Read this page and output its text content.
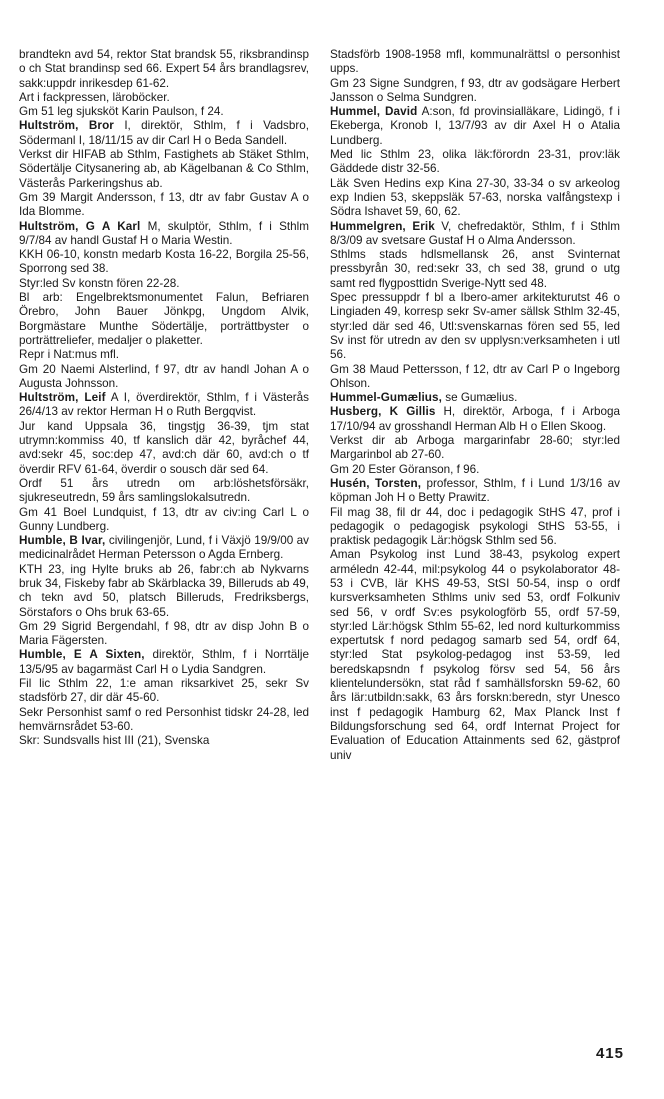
brandtekn avd 54, rektor Stat brandsk 55, riksbrandinsp o ch Stat brandinsp sed 66. Expert 54 års brandlagsrev, sakk:uppdr inrikesdep 61-62.

Art i fackpressen, läroböcker.

Gm 51 leg sjuksköt Karin Paulson, f 24.

Hultström, Bror I, direktör, Sthlm, f i Vadsbro, Södermanl I, 18/11/15 av dir Carl H o Beda Sandell.

Verkst dir HIFAB ab Sthlm, Fastighets ab Stäket Sthlm, Södertälje Citysanering ab, ab Kägelbanan & Co Sthlm, Västerås Parkeringshus ab.

Gm 39 Margit Andersson, f 13, dtr av fabr Gustav A o Ida Blomme.

Hultström, G A Karl M, skulptör, Sthlm, f i Sthlm 9/7/84 av handl Gustaf H o Maria Westin.

KKH 06-10, konstn medarb Kosta 16-22, Borgila 25-56, Sporrong sed 38.

Styr:led Sv konstn fören 22-28.

Bl arb: Engelbrektsmonumentet Falun, Befriaren Örebro, John Bauer Jönkpg, Ungdom Alvik, Borgmästare Munthe Södertälje, porträttbyster o porträttreliefer, medaljer o plaketter.

Repr i Nat:mus mfl.

Gm 20 Naemi Alsterlind, f 97, dtr av handl Johan A o Augusta Johnsson.

Hultström, Leif A I, överdirektör, Sthlm, f i Västerås 26/4/13 av rektor Herman H o Ruth Bergqvist.

Jur kand Uppsala 36, tingstjg 36-39, tjm stat utrymn:kommiss 40, tf kanslich där 42, byråchef 44, avd:sekr 45, soc:dep 47, avd:ch där 60, avd:ch o tf överdir RFV 61-64, överdir o sousch där sed 64.

Ordf 51 års utredn om arb:löshetsförsäkr, sjukreseutredn, 59 års samlingslokalsutredn.

Gm 41 Boel Lundquist, f 13, dtr av civ:ing Carl L o Gunny Lundberg.

Humble, B Ivar, civilingenjör, Lund, f i Växjö 19/9/00 av medicinalrådet Herman Petersson o Agda Ernberg.

KTH 23, ing Hylte bruks ab 26, fabr:ch ab Nykvarns bruk 34, Fiskeby fabr ab Skärblacka 39, Billeruds ab 49, ch tekn avd 50, platsch Billeruds, Fredriksbergs, Sörstafors o Ohs bruk 63-65.

Gm 29 Sigrid Bergendahl, f 98, dtr av disp John B o Maria Fägersten.

Humble, E A Sixten, direktör, Sthlm, f i Norrtälje 13/5/95 av bagarmäst Carl H o Lydia Sandgren.

Fil lic Sthlm 22, 1:e aman riksarkivet 25, sekr Sv stadsförb 27, dir där 45-60.

Sekr Personhist samf o red Personhist tidskr 24-28, led hemvärnsrådet 53-60.

Skr: Sundsvalls hist III (21), Svenska

Stadsförb 1908-1958 mfl, kommunalrättsl o personhist upps.

Gm 23 Signe Sundgren, f 93, dtr av godsägare Herbert Jansson o Selma Sundgren.

Hummel, David A:son, fd provinsialläkare, Lidingö, f i Ekeberga, Kronob I, 13/7/93 av dir Axel H o Atalia Lundberg.

Med lic Sthlm 23, olika läk:förordn 23-31, prov:läk Gäddede distr 32-56.

Läk Sven Hedins exp Kina 27-30, 33-34 o sv arkeolog exp Indien 53, skeppsläk 57-63, norska valfångstexp i Södra Ishavet 59, 60, 62.

Hummelgren, Erik V, chefredaktör, Sthlm, f i Sthlm 8/3/09 av svetsare Gustaf H o Alma Andersson.

Sthlms stads hdlsmellansk 26, anst Svinternat pressbyrån 30, red:sekr 33, ch sed 38, grund o utg samt red flygposttidn Sverige-Nytt sed 48.

Spec pressuppdr f bl a Ibero-amer arkitekturutst 46 o Lingiaden 49, korresp sekr Sv-amer sällsk Sthlm 32-45, styr:led där sed 46, Utl:svenskarnas fören sed 55, led Sv inst för utredn av den sv upplysn:verksamheten i utl 56.

Gm 38 Maud Pettersson, f 12, dtr av Carl P o Ingeborg Ohlson.

Hummel-Gumælius, se Gumælius.

Husberg, K Gillis H, direktör, Arboga, f i Arboga 17/10/94 av grosshandl Herman Alb H o Ellen Skoog.

Verkst dir ab Arboga margarinfabr 28-60; styr:led Margarinbol ab 27-60.

Gm 20 Ester Göranson, f 96.

Husén, Torsten, professor, Sthlm, f i Lund 1/3/16 av köpman Joh H o Betty Prawitz.

Fil mag 38, fil dr 44, doc i pedagogik StHS 47, prof i pedagogik o pedagogisk psykologi StHS 53-55, i praktisk pedagogik Lär:högsk Sthlm sed 56.

Aman Psykolog inst Lund 38-43, psykolog expert arméledn 42-44, mil:psykolog 44 o psykolaborator 48-53 i CVB, lär KHS 49-53, StSI 50-54, insp o ordf kursverksamheten Sthlms univ sed 53, ordf Folkuniv sed 56, v ordf Sv:es psykologförb 55, ordf 57-59, styr:led Lär:högsk Sthlm 55-62, led nord kulturkommiss expertutsk f nord pedagog samarb sed 54, ordf 64, styr:led Stat psykolog-pedagog inst 53-59, led beredskapsndn f psykolog försv sed 54, 56 års klientelundersökn, stat råd f samhällsforskn 59-62, 60 års lär:utbildn:sakk, 63 års forskn:beredn, styr Unesco inst f pedagogik Hamburg 62, Max Planck Inst f Bildungsforschung sed 64, ordf Internat Project for Evaluation of Education Attainments sed 62, gästprof univ

415
